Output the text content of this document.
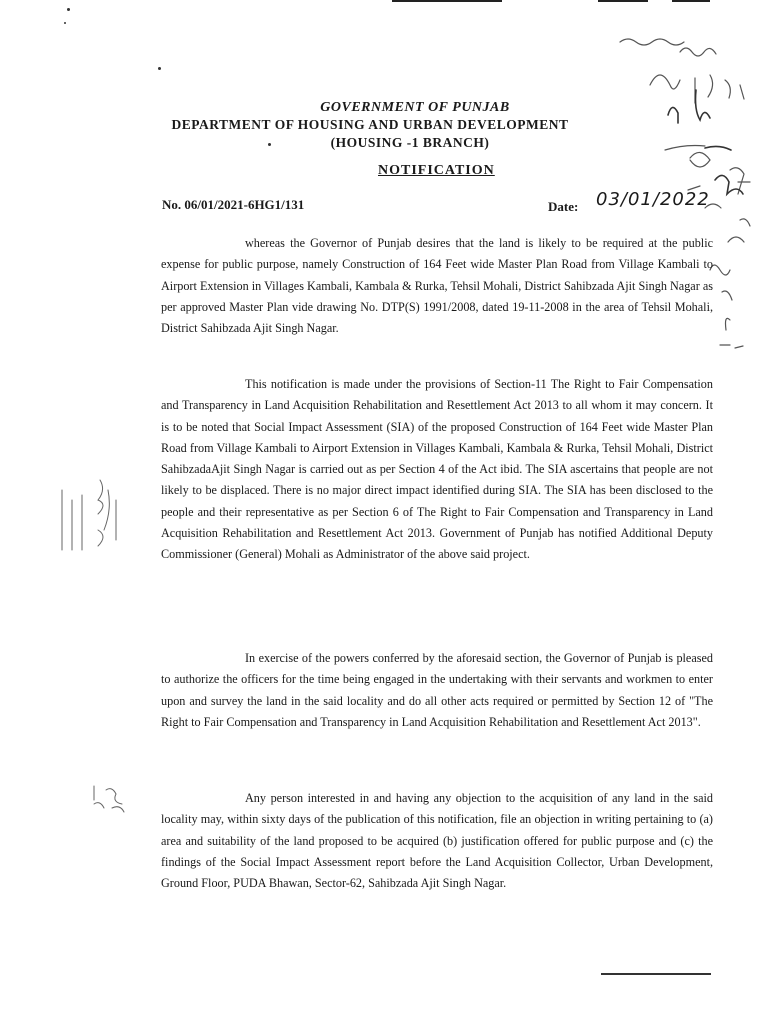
GOVERNMENT OF PUNJAB
DEPARTMENT OF HOUSING AND URBAN DEVELOPMENT
(HOUSING -1 BRANCH)
NOTIFICATION
No. 06/01/2021-6HG1/131	Date: 03/01/2022

whereas the Governor of Punjab desires that the land is likely to be required at the public expense for public purpose, namely Construction of 164 Feet wide Master Plan Road from Village Kambali to Airport Extension in Villages Kambali, Kambala & Rurka, Tehsil Mohali, District Sahibzada Ajit Singh Nagar as per approved Master Plan vide drawing No. DTP(S) 1991/2008, dated 19-11-2008 in the area of Tehsil Mohali, District Sahibzada Ajit Singh Nagar.

This notification is made under the provisions of Section-11 The Right to Fair Compensation and Transparency in Land Acquisition Rehabilitation and Resettlement Act 2013 to all whom it may concern. It is to be noted that Social Impact Assessment (SIA) of the proposed Construction of 164 Feet wide Master Plan Road from Village Kambali to Airport Extension in Villages Kambali, Kambala & Rurka, Tehsil Mohali, District SahibzadaAjit Singh Nagar is carried out as per Section 4 of the Act ibid. The SIA ascertains that people are not likely to be displaced. There is no major direct impact identified during SIA. The SIA has been disclosed to the people and their representative as per Section 6 of The Right to Fair Compensation and Transparency in Land Acquisition Rehabilitation and Resettlement Act 2013. Government of Punjab has notified Additional Deputy Commissioner (General) Mohali as Administrator of the above said project.

In exercise of the powers conferred by the aforesaid section, the Governor of Punjab is pleased to authorize the officers for the time being engaged in the undertaking with their servants and workmen to enter upon and survey the land in the said locality and do all other acts required or permitted by Section 12 of "The Right to Fair Compensation and Transparency in Land Acquisition Rehabilitation and Resettlement Act 2013".

Any person interested in and having any objection to the acquisition of any land in the said locality may, within sixty days of the publication of this notification, file an objection in writing pertaining to (a) area and suitability of the land proposed to be acquired (b) justification offered for public purpose and (c) the findings of the Social Impact Assessment report before the Land Acquisition Collector, Urban Development, Ground Floor, PUDA Bhawan, Sector-62, Sahibzada Ajit Singh Nagar.
